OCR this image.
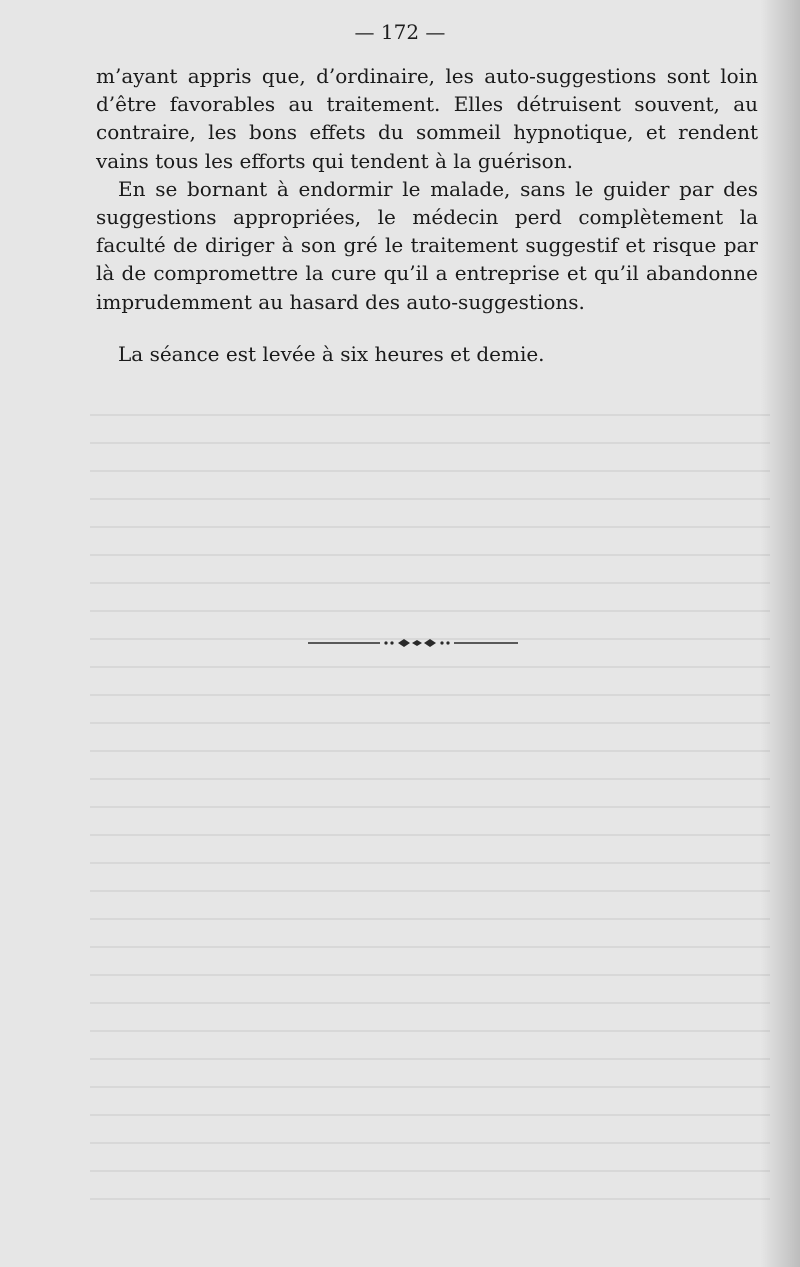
— 172 —

m’ayant appris que, d’ordinaire, les auto-suggestions sont loin d’être favorables au traitement. Elles détruisent souvent, au contraire, les bons effets du sommeil hypnotique, et rendent vains tous les efforts qui tendent à la guérison.

En se bornant à endormir le malade, sans le guider par des suggestions appropriées, le médecin perd complètement la faculté de diriger à son gré le traitement suggestif et risque par là de compromettre la cure qu’il a entreprise et qu’il abandonne imprudemment au hasard des auto-suggestions.

La séance est levée à six heures et demie.
